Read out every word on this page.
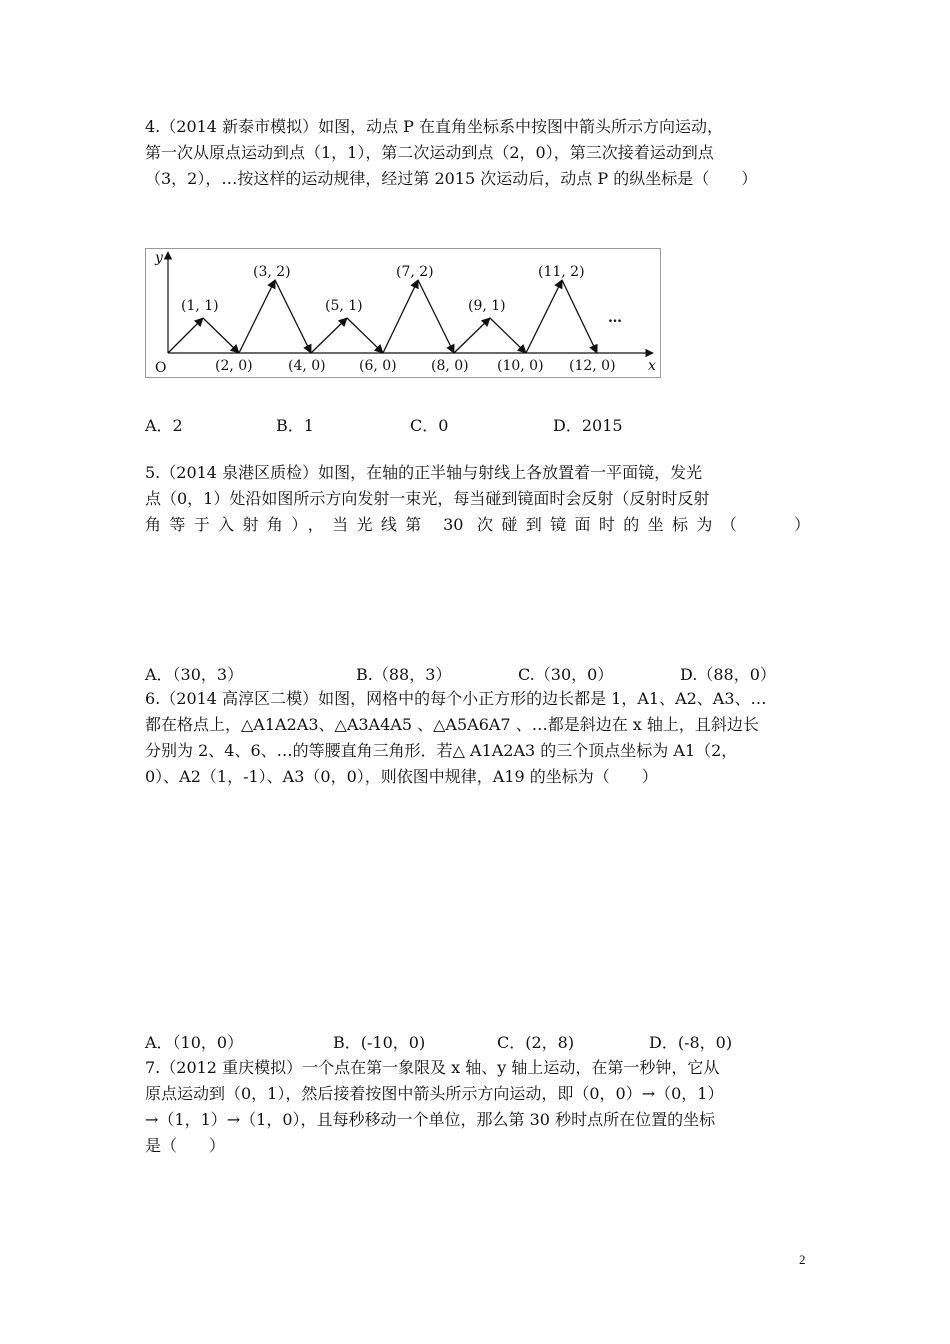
4.（2014 新泰市模拟）如图，动点 P 在直角坐标系中按图中箭头所示方向运动，
第一次从原点运动到点（1，1），第二次运动到点（2，0），第三次接着运动到点
（3，2），…按这样的运动规律，经过第 2015 次运动后，动点 P 的纵坐标是（　　）
O
y
x
(1, 1)
(3, 2)
(5, 1)
(7, 2)
(9, 1)
(11, 2)
…
(2, 0)	(4, 0) (6, 0) (8, 0) (10, 0) (12, 0)
A．2	B．1	C．0	D．2015
5.（2014 泉港区质检）如图，在轴的正半轴与射线上各放置着一平面镜，发光
点（0，1）处沿如图所示方向发射一束光，每当碰到镜面时会反射（反射时反射
角等于入射角），当光线第 30 次碰到镜面时的坐标为（　　）
A．（30，3）	B.（88，3）	C.（30，0）	D.（88，0）
6.（2014 高淳区二模）如图，网格中的每个小正方形的边长都是 1，A1、A2、A3、…
都在格点上，△A1A2A3、△A3A4A5 、△A5A6A7 、…都是斜边在 x 轴上，且斜边长
分别为 2、4、6、…的等腰直角三角形．若△ A1A2A3 的三个顶点坐标为 A1（2，
0）、A2（1，-1）、A3（0，0），则依图中规律，A19 的坐标为（　　）
A．（10，0）	B．(-10，0)	C．(2，8)	D．(-8，0)
7.（2012 重庆模拟）一个点在第一象限及 x 轴、y 轴上运动，在第一秒钟，它从
原点运动到（0，1），然后接着按图中箭头所示方向运动，即（0，0）→（0，1）
→（1，1）→（1，0），且每秒移动一个单位，那么第 30 秒时点所在位置的坐标
是（　　）
2
